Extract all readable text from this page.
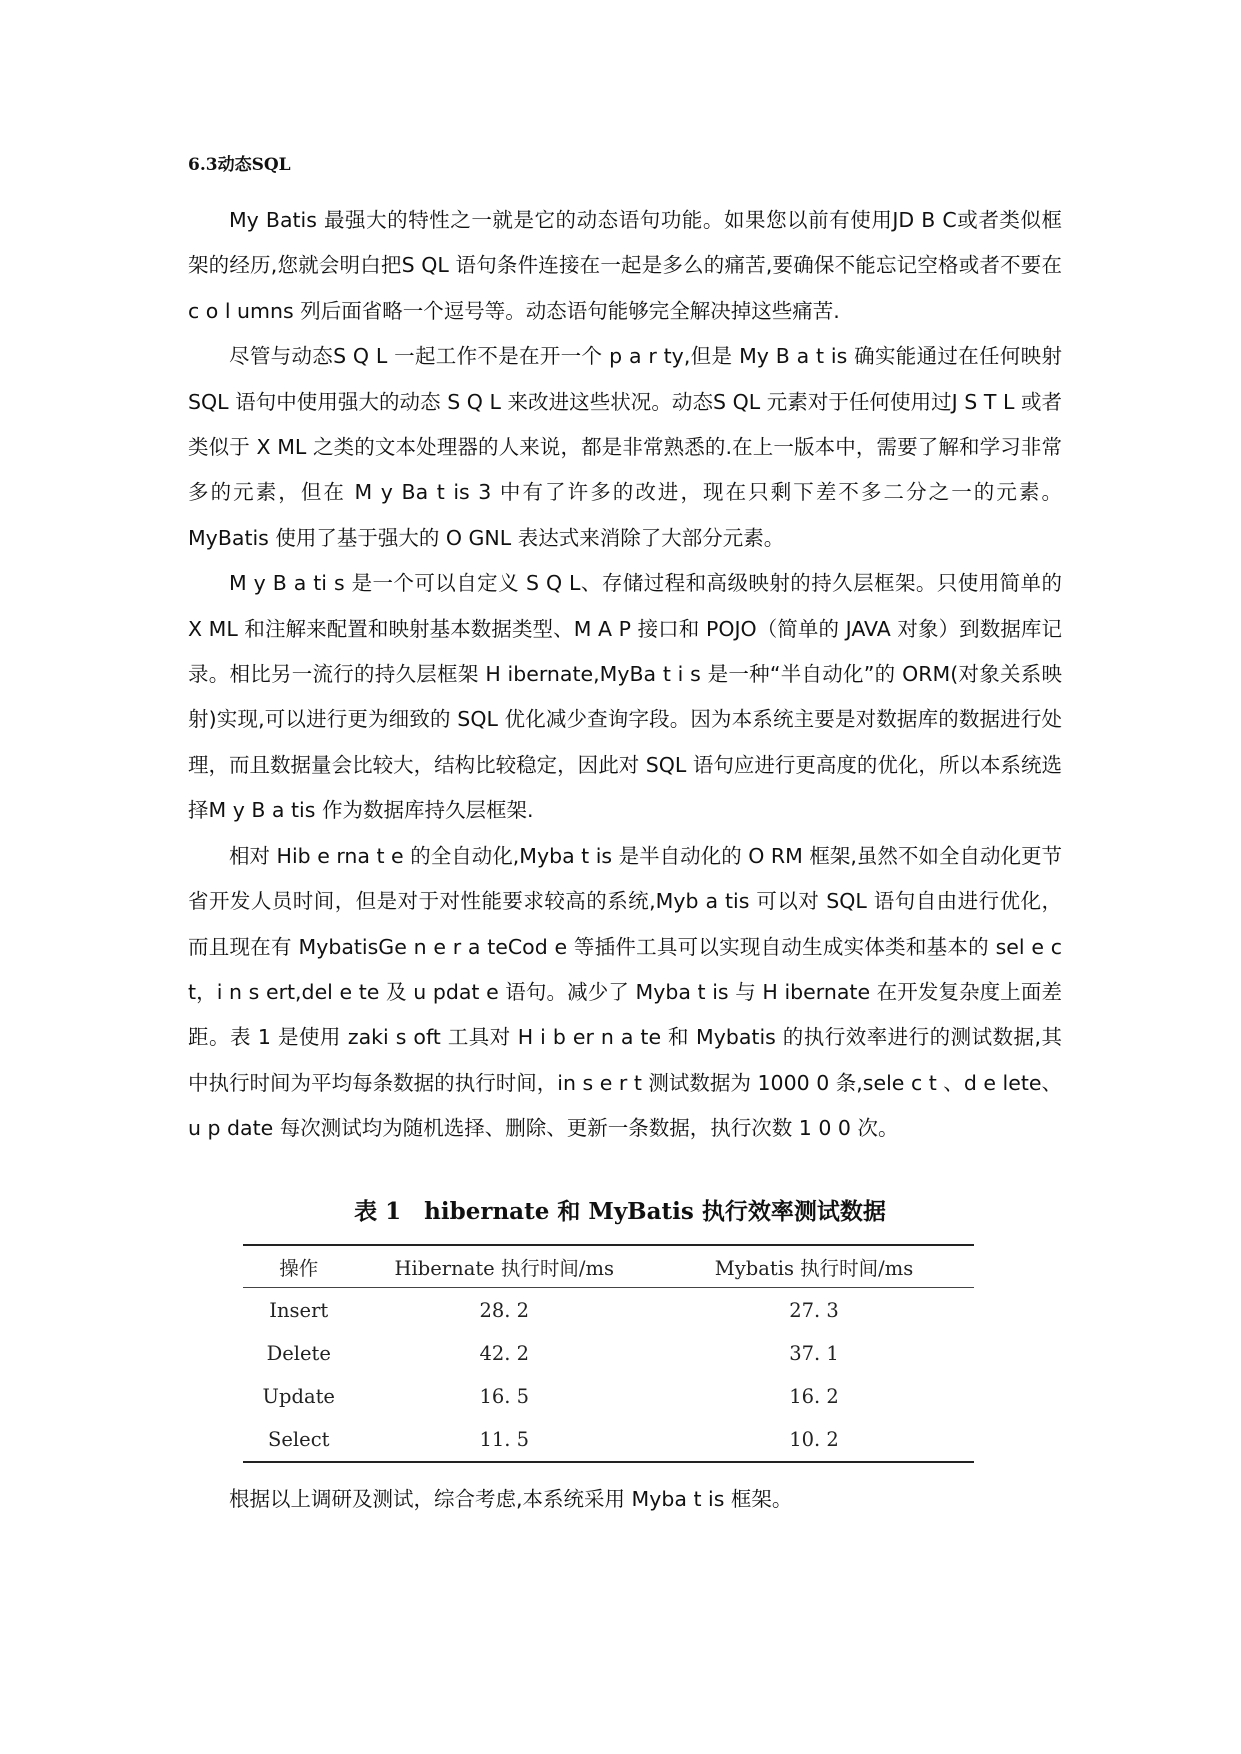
6.3动态SQL

My Batis 最强大的特性之一就是它的动态语句功能。如果您以前有使用JD B C或者类似框架的经历,您就会明白把S QL 语句条件连接在一起是多么的痛苦,要确保不能忘记空格或者不要在 c o l umns 列后面省略一个逗号等。动态语句能够完全解决掉这些痛苦.

尽管与动态S Q L 一起工作不是在开一个 p a r ty,但是 My B a t is 确实能通过在任何映射 SQL 语句中使用强大的动态 S Q L 来改进这些状况。动态S QL 元素对于任何使用过J S T L 或者类似于 X ML 之类的文本处理器的人来说，都是非常熟悉的.在上一版本中，需要了解和学习非常多的元素，但在 M y Ba t is 3 中有了许多的改进，现在只剩下差不多二分之一的元素。MyBatis 使用了基于强大的 O GNL 表达式来消除了大部分元素。

M y B a ti s 是一个可以自定义 S Q L、存储过程和高级映射的持久层框架。只使用简单的 X ML 和注解来配置和映射基本数据类型、M A P 接口和 POJO（简单的 JAVA 对象）到数据库记录。相比另一流行的持久层框架 H ibernate,MyBa t i s 是一种“半自动化”的 ORM(对象关系映射)实现,可以进行更为细致的 SQL 优化减少查询字段。因为本系统主要是对数据库的数据进行处理，而且数据量会比较大，结构比较稳定，因此对 SQL 语句应进行更高度的优化，所以本系统选择M y B a tis 作为数据库持久层框架.

相对 Hib e rna t e 的全自动化,Myba t is 是半自动化的 O RM 框架,虽然不如全自动化更节省开发人员时间，但是对于对性能要求较高的系统,Myb a tis 可以对 SQL 语句自由进行优化，而且现在有 MybatisGe n e r a teCod e 等插件工具可以实现自动生成实体类和基本的 sel e c t，i n s ert,del e te 及 u pdat e 语句。减少了 Myba t is 与 H ibernate 在开发复杂度上面差距。表 1 是使用 zaki s oft 工具对 H i b er n a te 和 Mybatis 的执行效率进行的测试数据,其中执行时间为平均每条数据的执行时间，in s e r t 测试数据为 1000 0 条,sele c t 、d e lete、u p date 每次测试均为随机选择、删除、更新一条数据，执行次数 1 0 0 次。

表 1　hibernate 和 MyBatis 执行效率测试数据
操作	Hibernate 执行时间/ms	Mybatis 执行时间/ms
Insert	28. 2	27. 3
Delete	42. 2	37. 1
Update	16. 5	16. 2
Select	11. 5	10. 2
根据以上调研及测试，综合考虑,本系统采用 Myba t is 框架。
